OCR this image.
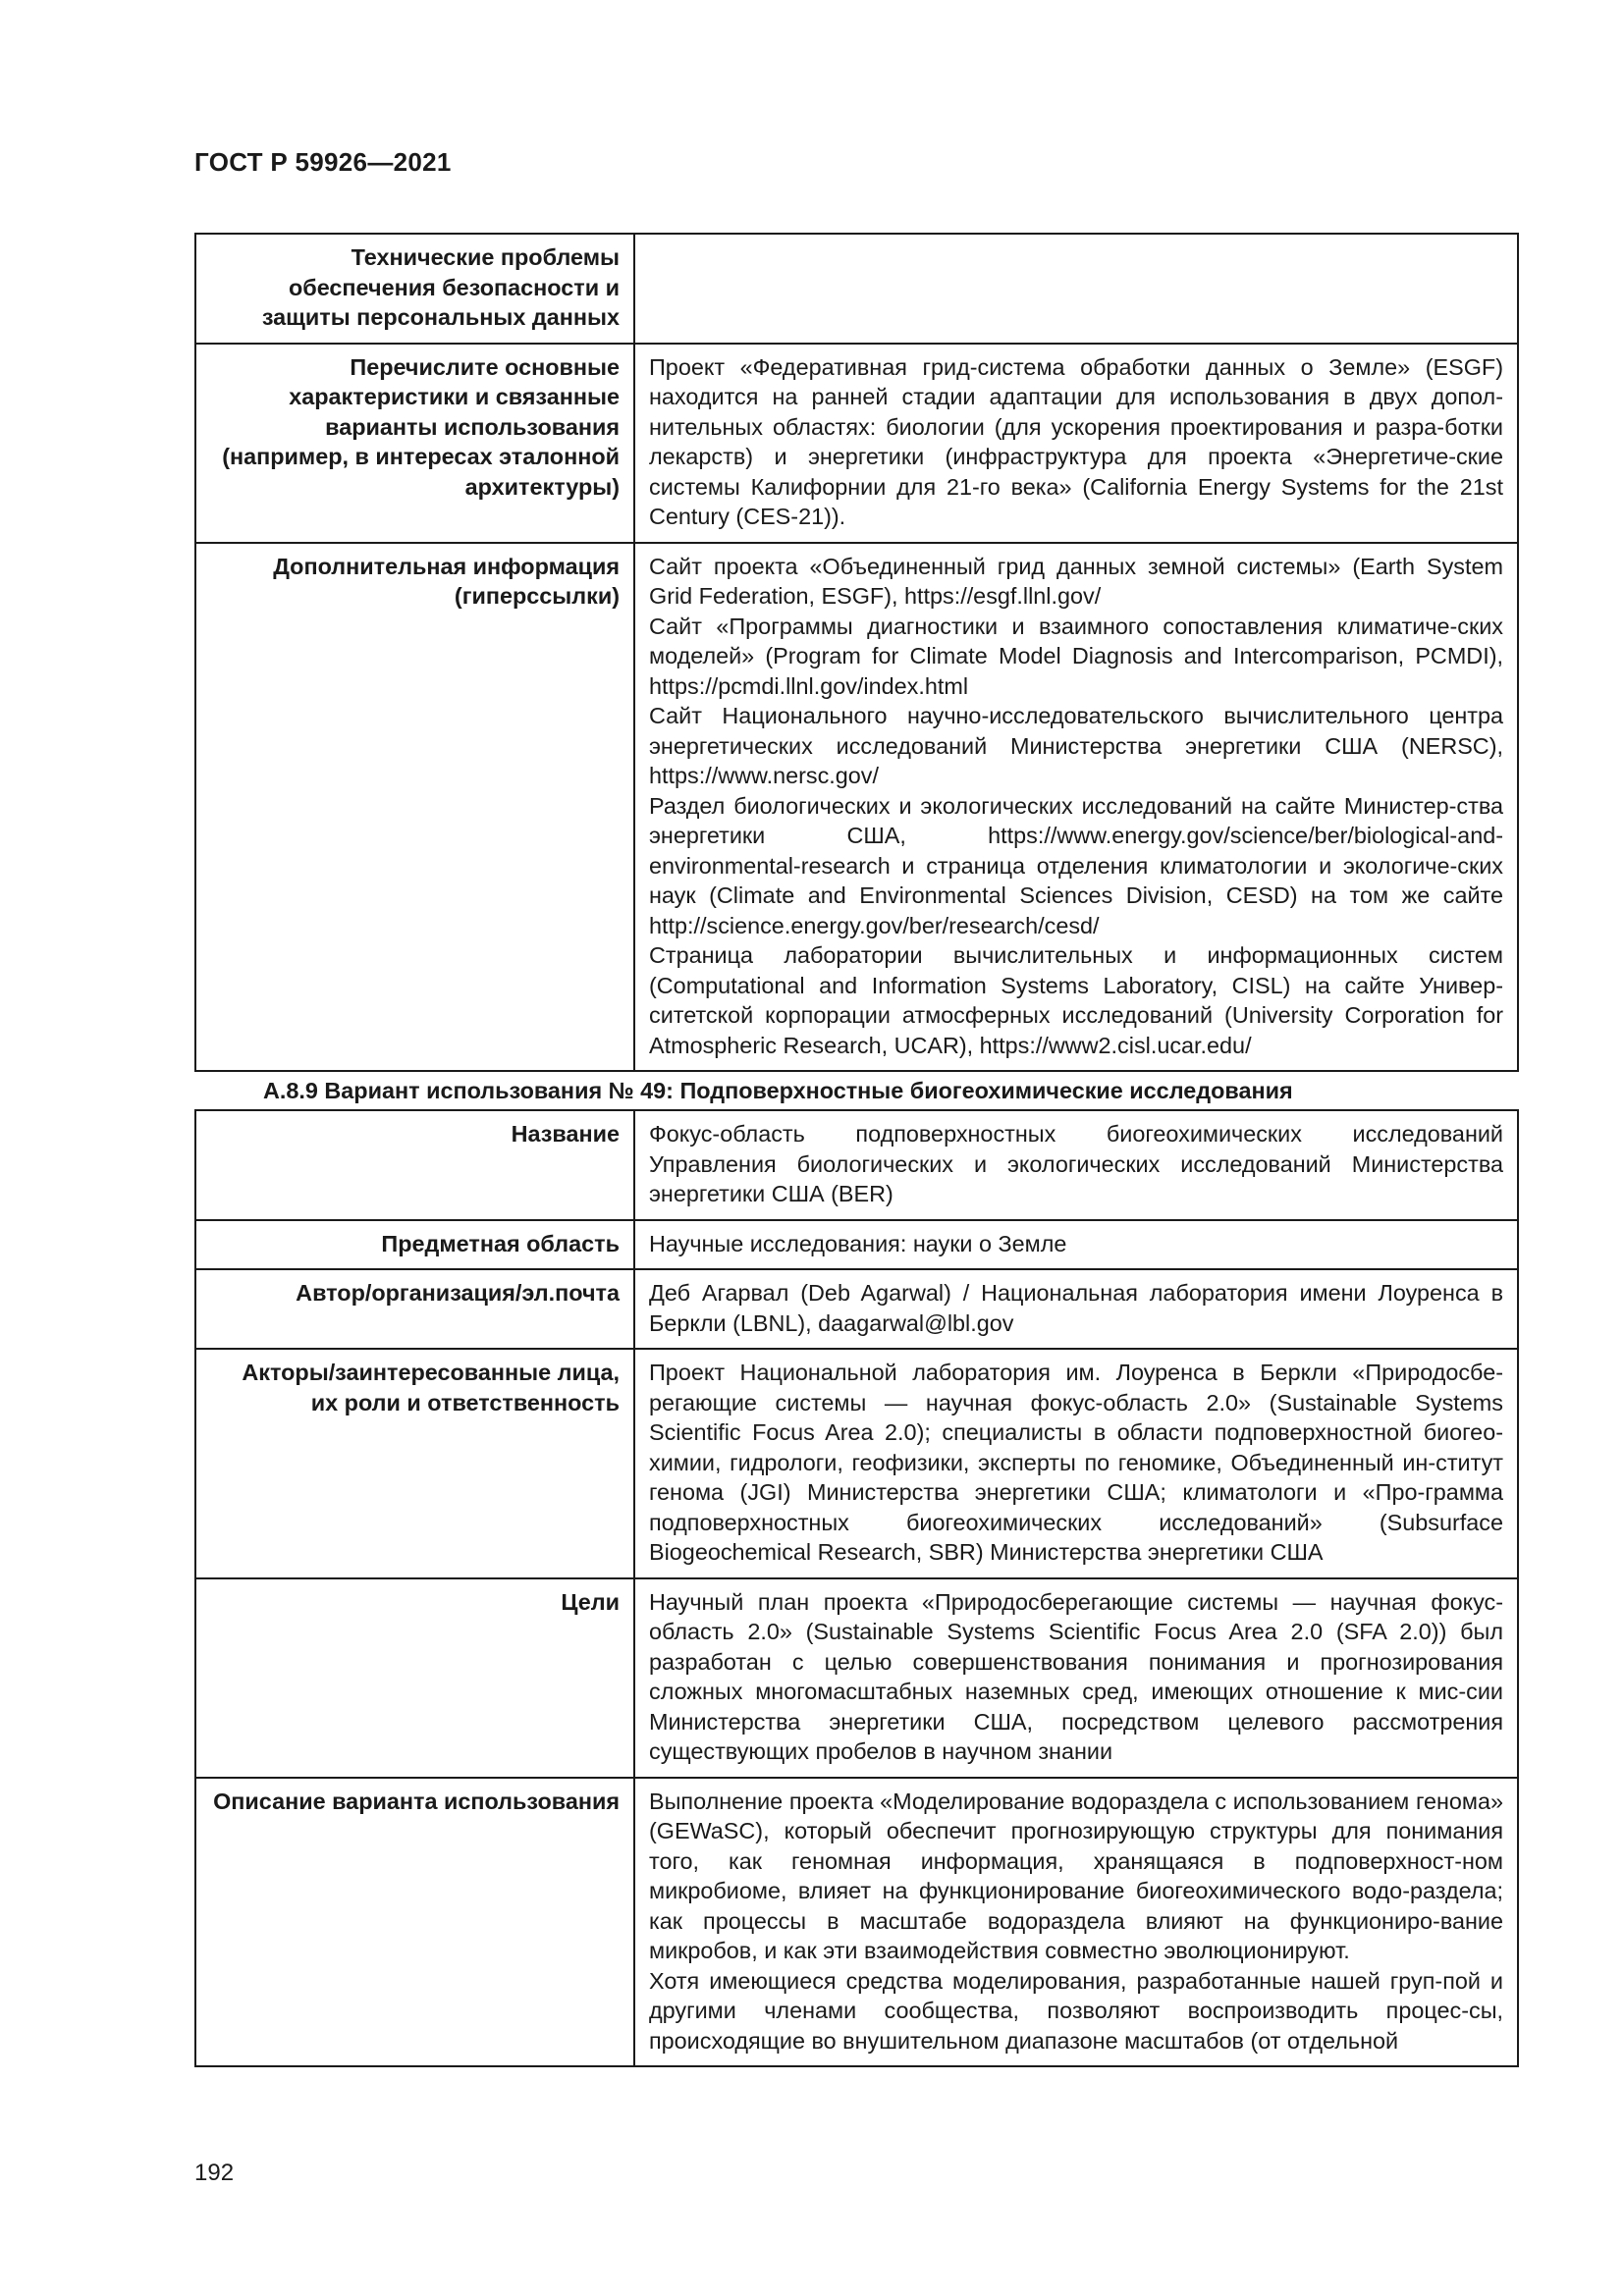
ГОСТ Р 59926—2021
Технические проблемы обеспечения безопасности и защиты персональных данных	
Перечислите основные характеристики и связанные варианты использования (например, в интересах эталонной архитектуры)	Проект «Федеративная грид-система обработки данных о Земле» (ESGF) находится на ранней стадии адаптации для использования в двух допол-нительных областях: биологии (для ускорения проектирования и разра-ботки лекарств) и энергетики (инфраструктура для проекта «Энергетиче-ские системы Калифорнии для 21-го века» (California Energy Systems for the 21st Century (CES-21)).

Дополнительная информация (гиперссылки)	Сайт проекта «Объединенный грид данных земной системы» (Earth System Grid Federation, ESGF), https://esgf.llnl.gov/
Сайт «Программы диагностики и взаимного сопоставления климатиче-ских моделей» (Program for Climate Model Diagnosis and Intercomparison, PCMDI), https://pcmdi.llnl.gov/index.html
Сайт Национального научно-исследовательского вычислительного центра энергетических исследований Министерства энергетики США (NERSC), https://www.nersc.gov/
Раздел биологических и экологических исследований на сайте Министер-ства энергетики США, https://www.energy.gov/science/ber/biological-and-environmental-research и страница отделения климатологии и экологиче-ских наук (Climate and Environmental Sciences Division, CESD) на том же сайте http://science.energy.gov/ber/research/cesd/
Страница лаборатории вычислительных и информационных систем (Computational and Information Systems Laboratory, CISL) на сайте Универ-ситетской корпорации атмосферных исследований (University Corporation for Atmospheric Research, UCAR), https://www2.cisl.ucar.edu/
А.8.9 Вариант использования № 49: Подповерхностные биогеохимические исследования
Название	Фокус-область подповерхностных биогеохимических исследований Управления биологических и экологических исследований Министерства энергетики США (BER)

Предметная область	Научные исследования: науки о Земле

Автор/организация/эл.почта	Деб Агарвал (Deb Agarwal) / Национальная лаборатория имени Лоуренса в Беркли (LBNL), daagarwal@lbl.gov

Акторы/заинтересованные лица, их роли и ответственность	Проект Национальной лаборатория им. Лоуренса в Беркли «Природосбе-регающие системы — научная фокус-область 2.0» (Sustainable Systems Scientific Focus Area 2.0); специалисты в области подповерхностной биогео-химии, гидрологи, геофизики, эксперты по геномике, Объединенный ин-ститут генома (JGI) Министерства энергетики США; климатологи и «Про-грамма подповерхностных биогеохимических исследований» (Subsurface Biogeochemical Research, SBR) Министерства энергетики США

Цели	Научный план проекта «Природосберегающие системы — научная фокус-область 2.0» (Sustainable Systems Scientific Focus Area 2.0 (SFA 2.0)) был разработан с целью совершенствования понимания и прогнозирования сложных многомасштабных наземных сред, имеющих отношение к мис-сии Министерства энергетики США, посредством целевого рассмотрения существующих пробелов в научном знании

Описание варианта использования	Выполнение проекта «Моделирование водораздела с использованием генома» (GEWaSC), который обеспечит прогнозирующую структуры для понимания того, как геномная информация, хранящаяся в подповерхност-ном микробиоме, влияет на функционирование биогеохимического водо-раздела; как процессы в масштабе водораздела влияют на функциониро-вание микробов, и как эти взаимодействия совместно эволюционируют.
Хотя имеющиеся средства моделирования, разработанные нашей груп-пой и другими членами сообщества, позволяют воспроизводить процес-сы, происходящие во внушительном диапазоне масштабов (от отдельной
192
